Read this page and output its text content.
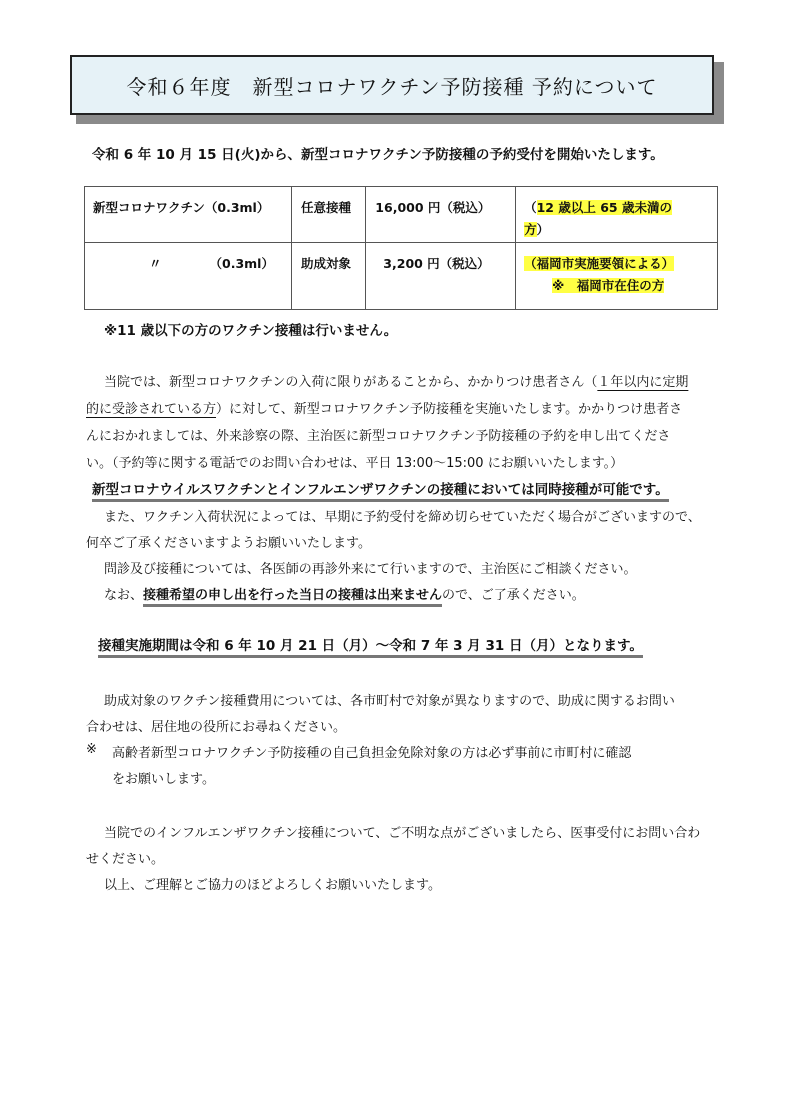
令和６年度　新型コロナワクチン予防接種 予約について
令和 6 年 10 月 15 日(火)から、新型コロナワクチン予防接種の予約受付を開始いたします。
新型コロナワクチン（0.3ml）	任意接種	16,000 円（税込）	（12 歳以上 65 歳未満の
方）

〃 （0.3ml）	助成対象	3,200 円（税込）	（福岡市実施要領による）
※　福岡市在住の方
※11 歳以下の方のワクチン接種は行いません。
当院では、新型コロナワクチンの入荷に限りがあることから、かかりつけ患者さん（１年以内に定期
的に受診されている方）に対して、新型コロナワクチン予防接種を実施いたします。かかりつけ患者さ
んにおかれましては、外来診察の際、主治医に新型コロナワクチン予防接種の予約を申し出てくださ
い。（予約等に関する電話でのお問い合わせは、平日 13:00～15:00 にお願いいたします。）
新型コロナウイルスワクチンとインフルエンザワクチンの接種においては同時接種が可能です。
また、ワクチン入荷状況によっては、早期に予約受付を締め切らせていただく場合がございますので、
何卒ご了承くださいますようお願いいたします。
問診及び接種については、各医師の再診外来にて行いますので、主治医にご相談ください。
なお、接種希望の申し出を行った当日の接種は出来ませんので、ご了承ください。
接種実施期間は令和 6 年 10 月 21 日（月）～令和 7 年 3 月 31 日（月）となります。
助成対象のワクチン接種費用については、各市町村で対象が異なりますので、助成に関するお問い
合わせは、居住地の役所にお尋ねください。
※ 高齢者新型コロナワクチン予防接種の自己負担金免除対象の方は必ず事前に市町村に確認
をお願いします。
当院でのインフルエンザワクチン接種について、ご不明な点がございましたら、医事受付にお問い合わ
せください。
以上、ご理解とご協力のほどよろしくお願いいたします。
